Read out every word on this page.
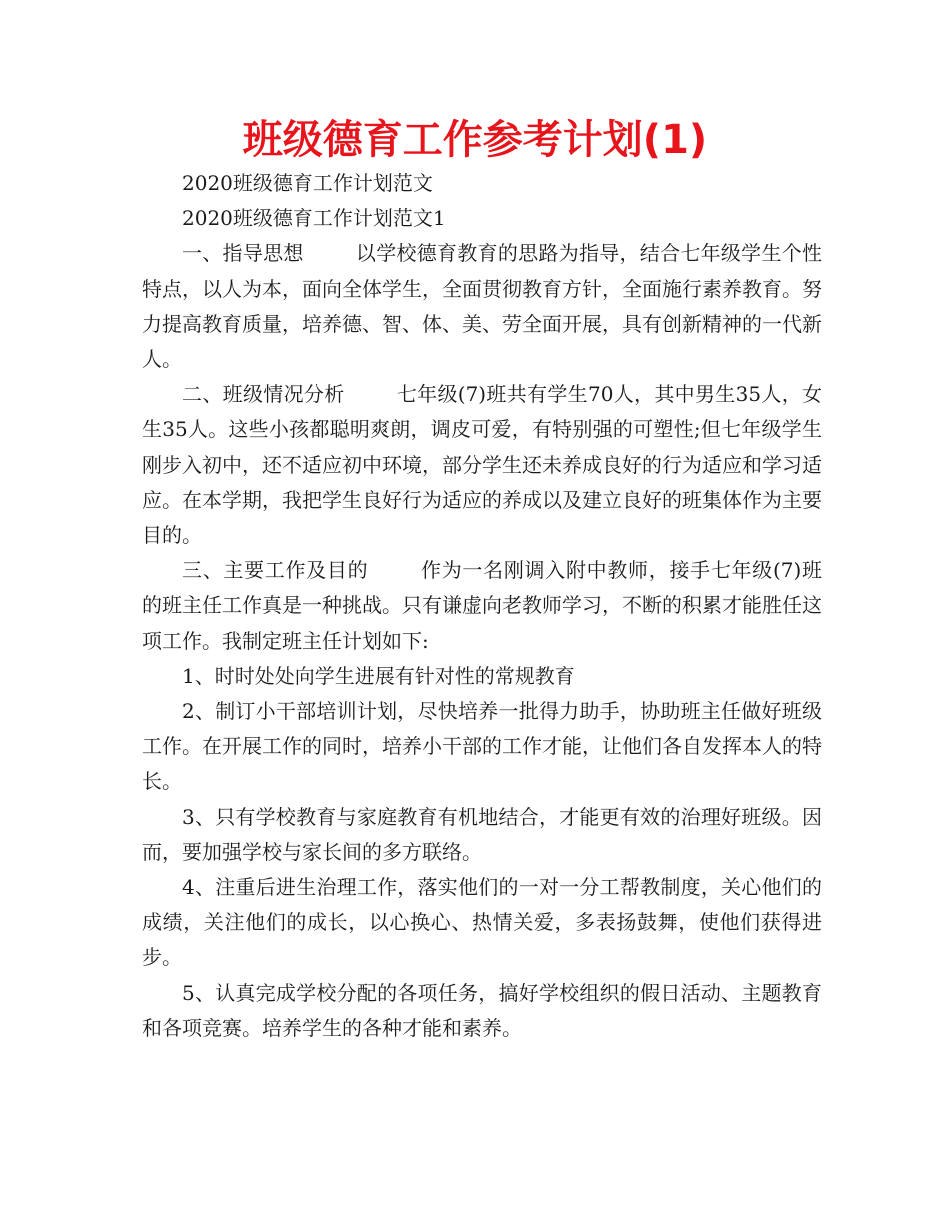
班级德育工作参考计划(1)

2020班级德育工作计划范文

2020班级德育工作计划范文1

一、指导思想	以学校德育教育的思路为指导，结合七年级学生个性特点，以人为本，面向全体学生，全面贯彻教育方针，全面施行素养教育。努力提高教育质量，培养德、智、体、美、劳全面开展，具有创新精神的一代新人。

二、班级情况分析	七年级(7)班共有学生70人，其中男生35人，女生35人。这些小孩都聪明爽朗，调皮可爱，有特别强的可塑性;但七年级学生刚步入初中，还不适应初中环境，部分学生还未养成良好的行为适应和学习适应。在本学期，我把学生良好行为适应的养成以及建立良好的班集体作为主要目的。

三、主要工作及目的	作为一名刚调入附中教师，接手七年级(7)班的班主任工作真是一种挑战。只有谦虚向老教师学习，不断的积累才能胜任这项工作。我制定班主任计划如下:

1、时时处处向学生进展有针对性的常规教育

2、制订小干部培训计划，尽快培养一批得力助手，协助班主任做好班级工作。在开展工作的同时，培养小干部的工作才能，让他们各自发挥本人的特长。

3、只有学校教育与家庭教育有机地结合，才能更有效的治理好班级。因而，要加强学校与家长间的多方联络。

4、注重后进生治理工作，落实他们的一对一分工帮教制度，关心他们的成绩，关注他们的成长，以心换心、热情关爱，多表扬鼓舞，使他们获得进步。

5、认真完成学校分配的各项任务，搞好学校组织的假日活动、主题教育和各项竞赛。培养学生的各种才能和素养。
